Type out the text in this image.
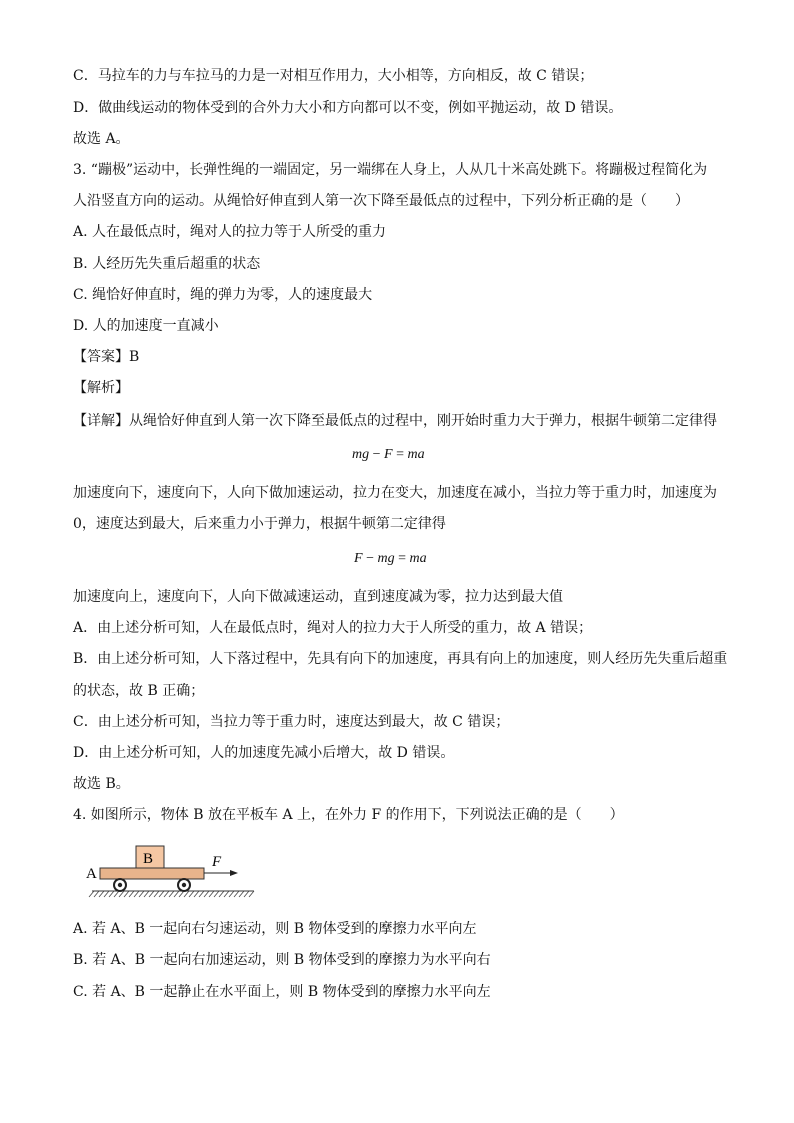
C．马拉车的力与车拉马的力是一对相互作用力，大小相等，方向相反，故 C 错误；
D．做曲线运动的物体受到的合外力大小和方向都可以不变，例如平抛运动，故 D 错误。
故选 A。
3. “蹦极”运动中，长弹性绳的一端固定，另一端绑在人身上，人从几十米高处跳下。将蹦极过程简化为
人沿竖直方向的运动。从绳恰好伸直到人第一次下降至最低点的过程中，下列分析正确的是（　　）
A. 人在最低点时，绳对人的拉力等于人所受的重力
B. 人经历先失重后超重的状态
C. 绳恰好伸直时，绳的弹力为零，人的速度最大
D. 人的加速度一直减小
【答案】B
【解析】
【详解】从绳恰好伸直到人第一次下降至最低点的过程中，刚开始时重力大于弹力，根据牛顿第二定律得
mg − F = ma
加速度向下，速度向下，人向下做加速运动，拉力在变大，加速度在减小，当拉力等于重力时，加速度为
0，速度达到最大，后来重力小于弹力，根据牛顿第二定律得
F − mg = ma
加速度向上，速度向下，人向下做减速运动，直到速度减为零，拉力达到最大值
A．由上述分析可知，人在最低点时，绳对人的拉力大于人所受的重力，故 A 错误；
B．由上述分析可知，人下落过程中，先具有向下的加速度，再具有向上的加速度，则人经历先失重后超重
的状态，故 B 正确；
C．由上述分析可知，当拉力等于重力时，速度达到最大，故 C 错误；
D．由上述分析可知，人的加速度先减小后增大，故 D 错误。
故选 B。
4. 如图所示，物体 B 放在平板车 A 上，在外力 F 的作用下，下列说法正确的是（　　）
A
B	F
A. 若 A、B 一起向右匀速运动，则 B 物体受到的摩擦力水平向左
B. 若 A、B 一起向右加速运动，则 B 物体受到的摩擦力为水平向右
C. 若 A、B 一起静止在水平面上，则 B 物体受到的摩擦力水平向左
